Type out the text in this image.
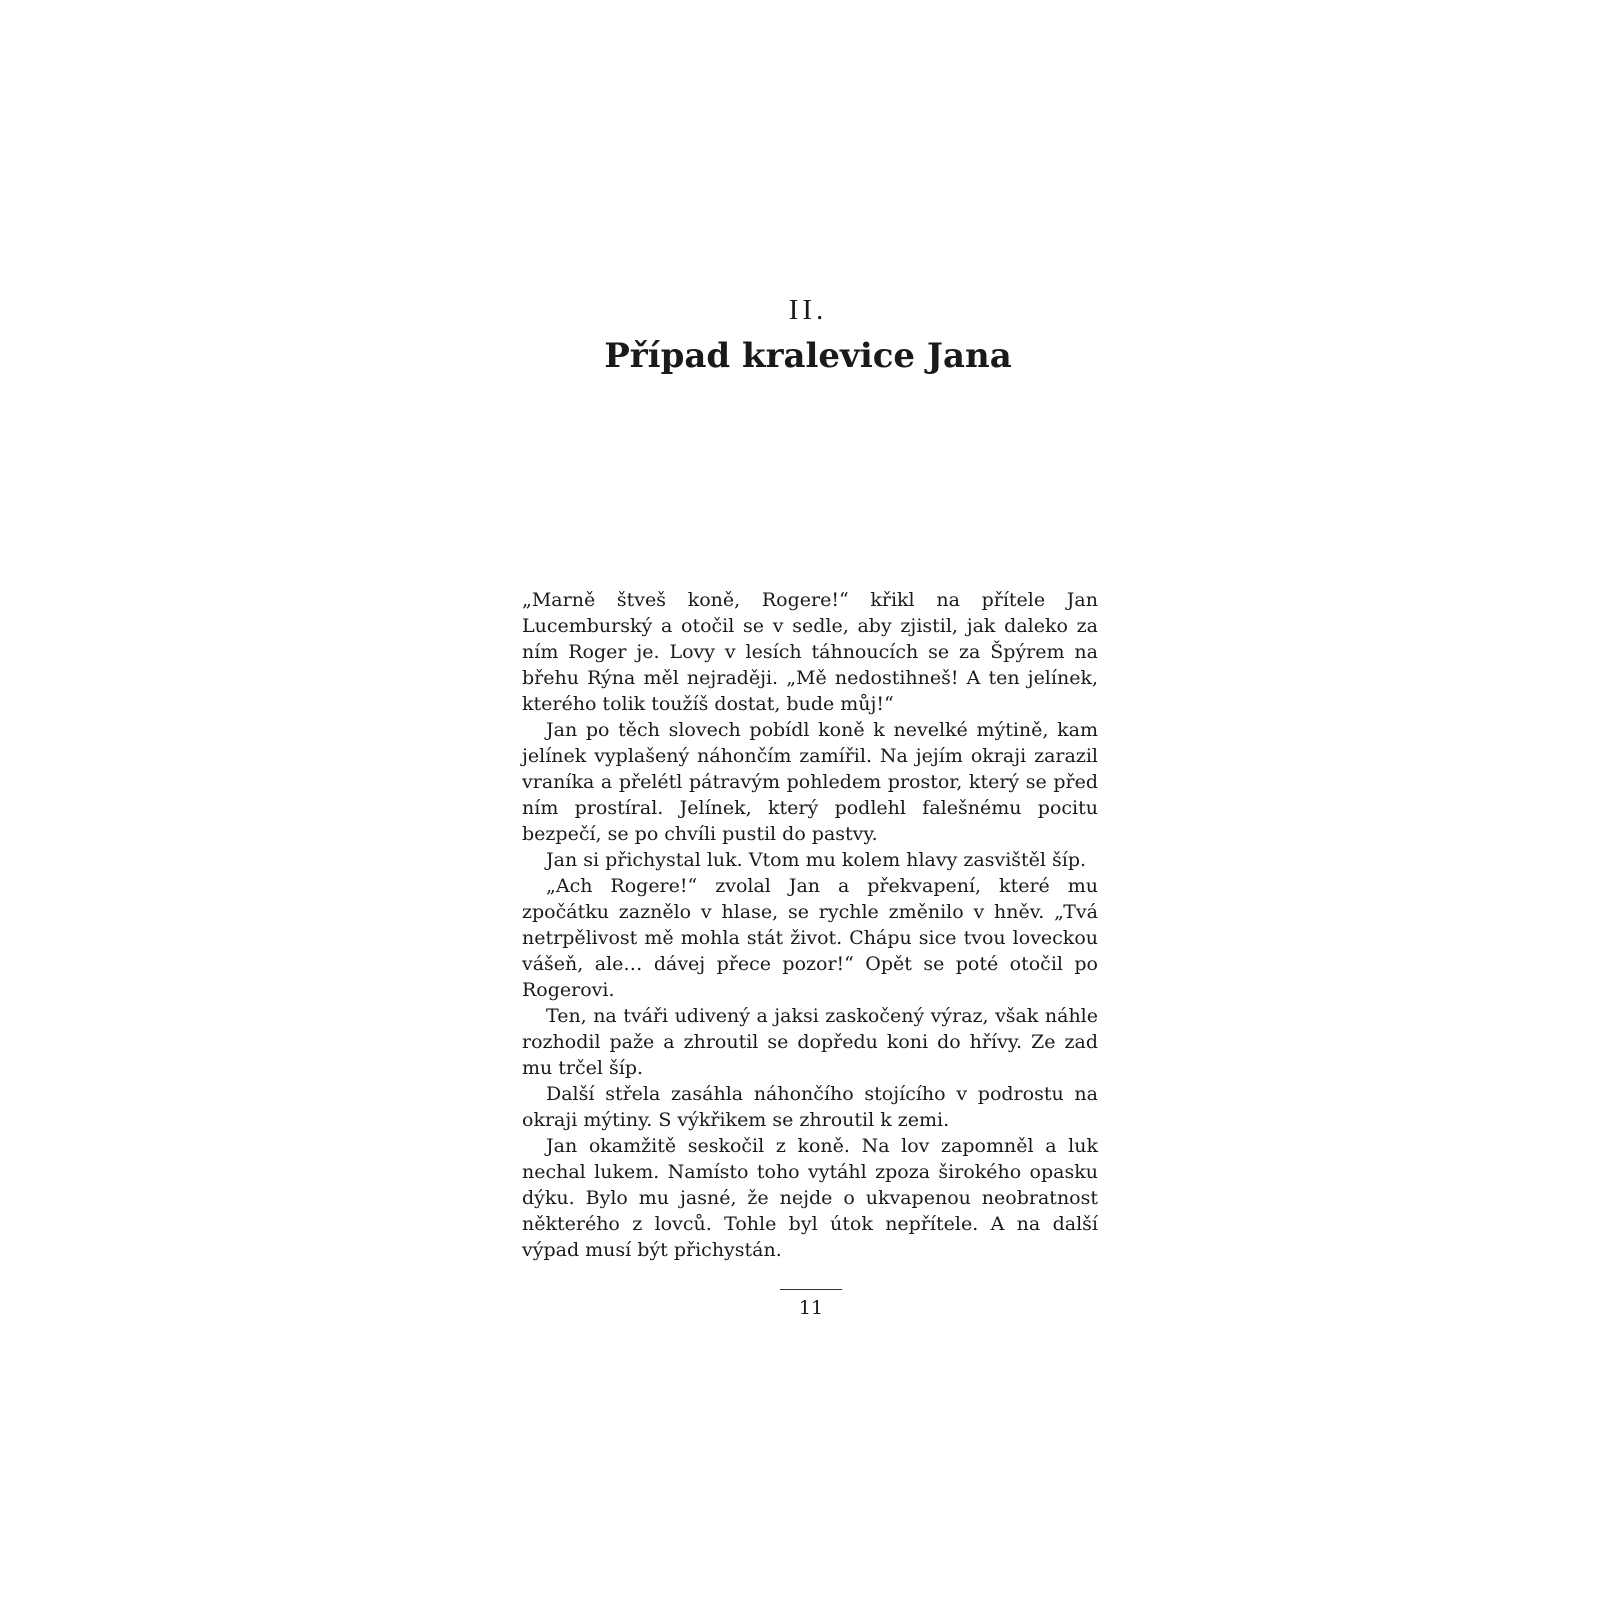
II.
Případ kralevice Jana

„Marně štveš koně, Rogere!“ křikl na přítele Jan Lucemburský a otočil se v sedle, aby zjistil, jak daleko za ním Roger je. Lovy v lesích táhnoucích se za Špýrem na břehu Rýna měl nejraději. „Mě nedostihneš! A ten jelínek, kterého tolik toužíš dostat, bude můj!“

Jan po těch slovech pobídl koně k nevelké mýtině, kam jelínek vyplašený náhončím zamířil. Na jejím okraji zarazil vraníka a přelétl pátravým pohledem prostor, který se před ním prostíral. Jelínek, který podlehl falešnému pocitu bezpečí, se po chvíli pustil do pastvy.

Jan si přichystal luk. Vtom mu kolem hlavy zasvištěl šíp.

„Ach Rogere!“ zvolal Jan a překvapení, které mu zpočátku zaznělo v hlase, se rychle změnilo v hněv. „Tvá netrpělivost mě mohla stát život. Chápu sice tvou loveckou vášeň, ale… dávej přece pozor!“ Opět se poté otočil po Rogerovi.

Ten, na tváři udivený a jaksi zaskočený výraz, však náhle rozhodil paže a zhroutil se dopředu koni do hřívy. Ze zad mu trčel šíp.

Další střela zasáhla náhončího stojícího v podrostu na okraji mýtiny. S výkřikem se zhroutil k zemi.

Jan okamžitě seskočil z koně. Na lov zapomněl a luk nechal lukem. Namísto toho vytáhl zpoza širokého opasku dýku. Bylo mu jasné, že nejde o ukvapenou neobratnost některého z lovců. Tohle byl útok nepřítele. A na další výpad musí být přichystán.

11
